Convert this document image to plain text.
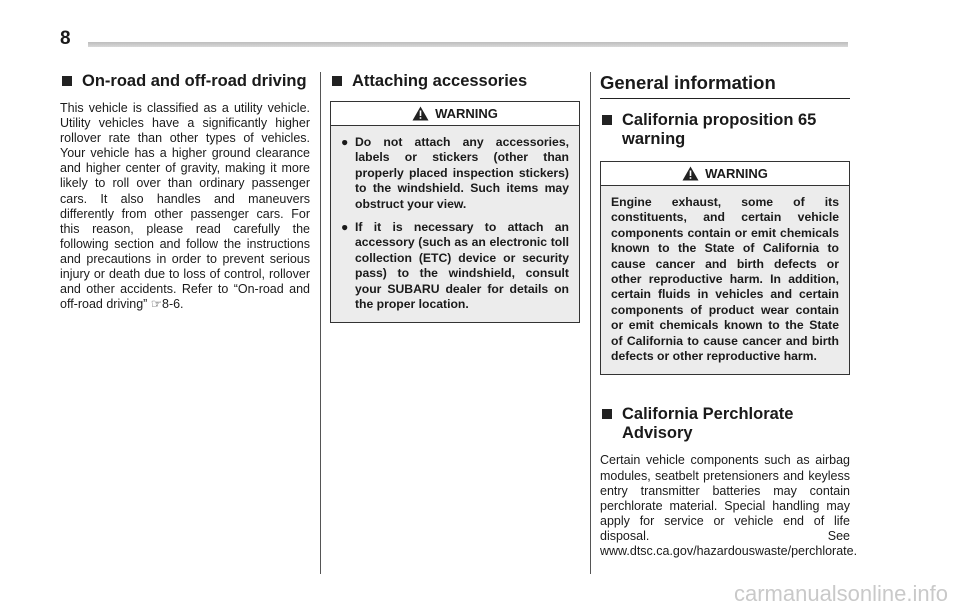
8
On-road and off-road driving

This vehicle is classified as a utility vehicle. Utility vehicles have a significantly higher rollover rate than other types of vehicles. Your vehicle has a higher ground clearance and higher center of gravity, making it more likely to roll over than ordinary passenger cars. It also handles and maneuvers differently from other passenger cars. For this reason, please read carefully the following section and follow the instructions and precautions in order to prevent serious injury or death due to loss of control, rollover and other accidents. Refer to “On-road and off-road driving” ☞8-6.

Attaching accessories
WARNING
● Do not attach any accessories, labels or stickers (other than properly placed inspection stickers) to the windshield. Such items may obstruct your view.
● If it is necessary to attach an accessory (such as an electronic toll collection (ETC) device or security pass) to the windshield, consult your SUBARU dealer for details on the proper location.
General information
California proposition 65 warning
WARNING
Engine exhaust, some of its constituents, and certain vehicle components contain or emit chemicals known to the State of California to cause cancer and birth defects or other reproductive harm. In addition, certain fluids in vehicles and certain components of product wear contain or emit chemicals known to the State of California to cause cancer and birth defects or other reproductive harm.
California Perchlorate Advisory

Certain vehicle components such as airbag modules, seatbelt pretensioners and keyless entry transmitter batteries may contain perchlorate material. Special handling may apply for service or vehicle end of life disposal. See www.dtsc.ca.gov/hazardouswaste/perchlorate.

carmanualsonline.info
